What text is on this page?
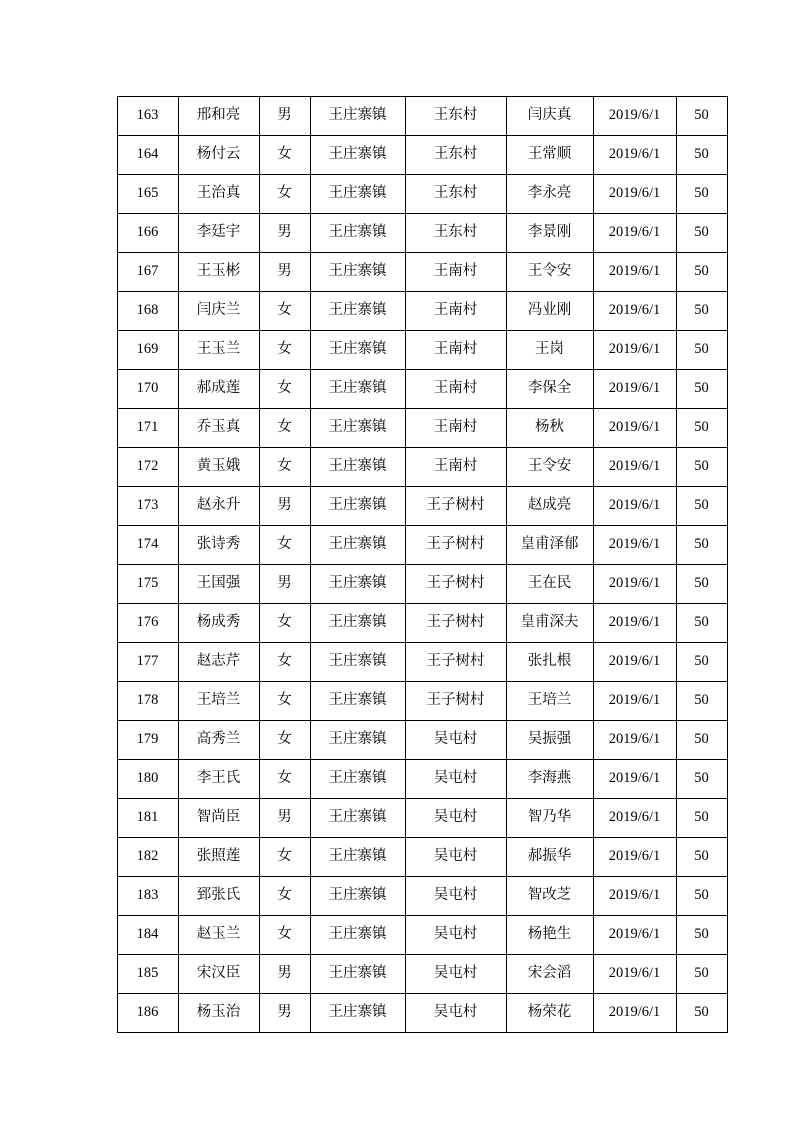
163	邢和亮	男	王庄寨镇	王东村	闫庆真	2019/6/1	50
164	杨付云	女	王庄寨镇	王东村	王常顺	2019/6/1	50
165	王治真	女	王庄寨镇	王东村	李永亮	2019/6/1	50
166	李廷宇	男	王庄寨镇	王东村	李景刚	2019/6/1	50
167	王玉彬	男	王庄寨镇	王南村	王令安	2019/6/1	50
168	闫庆兰	女	王庄寨镇	王南村	冯业刚	2019/6/1	50
169	王玉兰	女	王庄寨镇	王南村	王岗	2019/6/1	50
170	郝成莲	女	王庄寨镇	王南村	李保全	2019/6/1	50
171	乔玉真	女	王庄寨镇	王南村	杨秋	2019/6/1	50
172	黄玉娥	女	王庄寨镇	王南村	王令安	2019/6/1	50
173	赵永升	男	王庄寨镇	王子树村	赵成亮	2019/6/1	50
174	张诗秀	女	王庄寨镇	王子树村	皇甫泽郁	2019/6/1	50
175	王国强	男	王庄寨镇	王子树村	王在民	2019/6/1	50
176	杨成秀	女	王庄寨镇	王子树村	皇甫深夫	2019/6/1	50
177	赵志芹	女	王庄寨镇	王子树村	张扎根	2019/6/1	50
178	王培兰	女	王庄寨镇	王子树村	王培兰	2019/6/1	50
179	高秀兰	女	王庄寨镇	吴屯村	吴振强	2019/6/1	50
180	李王氏	女	王庄寨镇	吴屯村	李海燕	2019/6/1	50
181	智尚臣	男	王庄寨镇	吴屯村	智乃华	2019/6/1	50
182	张照莲	女	王庄寨镇	吴屯村	郝振华	2019/6/1	50
183	郅张氏	女	王庄寨镇	吴屯村	智改芝	2019/6/1	50
184	赵玉兰	女	王庄寨镇	吴屯村	杨艳生	2019/6/1	50
185	宋汉臣	男	王庄寨镇	吴屯村	宋会滔	2019/6/1	50
186	杨玉治	男	王庄寨镇	吴屯村	杨荣花	2019/6/1	50
